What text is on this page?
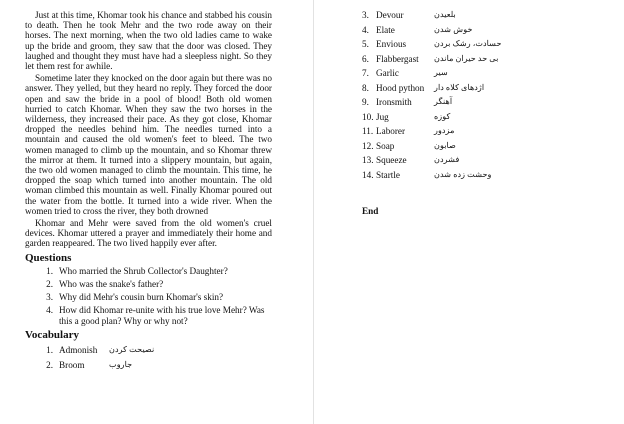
Just at this time, Khomar took his chance and stabbed his cousin to death. Then he took Mehr and the two rode away on their horses. The next morning, when the two old ladies came to wake up the bride and groom, they saw that the door was closed. They laughed and thought they must have had a sleepless night. So they let them rest for awhile.

Sometime later they knocked on the door again but there was no answer. They yelled, but they heard no reply. They forced the door open and saw the bride in a pool of blood! Both old women hurried to catch Khomar. When they saw the two horses in the wilderness, they increased their pace. As they got close, Khomar dropped the needles behind him. The needles turned into a mountain and caused the old women's feet to bleed. The two women managed to climb up the mountain, and so Khomar threw the mirror at them. It turned into a slippery mountain, but again, the two old women managed to climb the mountain. This time, he dropped the soap which turned into another mountain. The old woman climbed this mountain as well. Finally Khomar poured out the water from the bottle. It turned into a wide river. When the women tried to cross the river, they both drowned

Khomar and Mehr were saved from the old women's cruel devices. Khomar uttered a prayer and immediately their home and garden reappeared. The two lived happily ever after.

Questions
1. Who married the Shrub Collector's Daughter?
2. Who was the snake's father?
3. Why did Mehr's cousin burn Khomar's skin?
4. How did Khomar re-unite with his true love Mehr? Was this a good plan? Why or why not?
Vocabulary
1. Admonish	نصیحت کردن
2. Broom	جاروب
3. Devour	بلعیدن
4. Elate	خوش شدن
5. Envious	حسادت، رشک بردن
6. Flabbergast	بی حد حیران ماندن
7. Garlic	سیر
8. Hood python	اژدهای کلاه دار
9. Ironsmith	آهنگر
10. Jug	کوزه
11. Laborer	مزدور
12. Soap	صابون
13. Squeeze	فشردن
14. Startle	وحشت زده شدن
End
